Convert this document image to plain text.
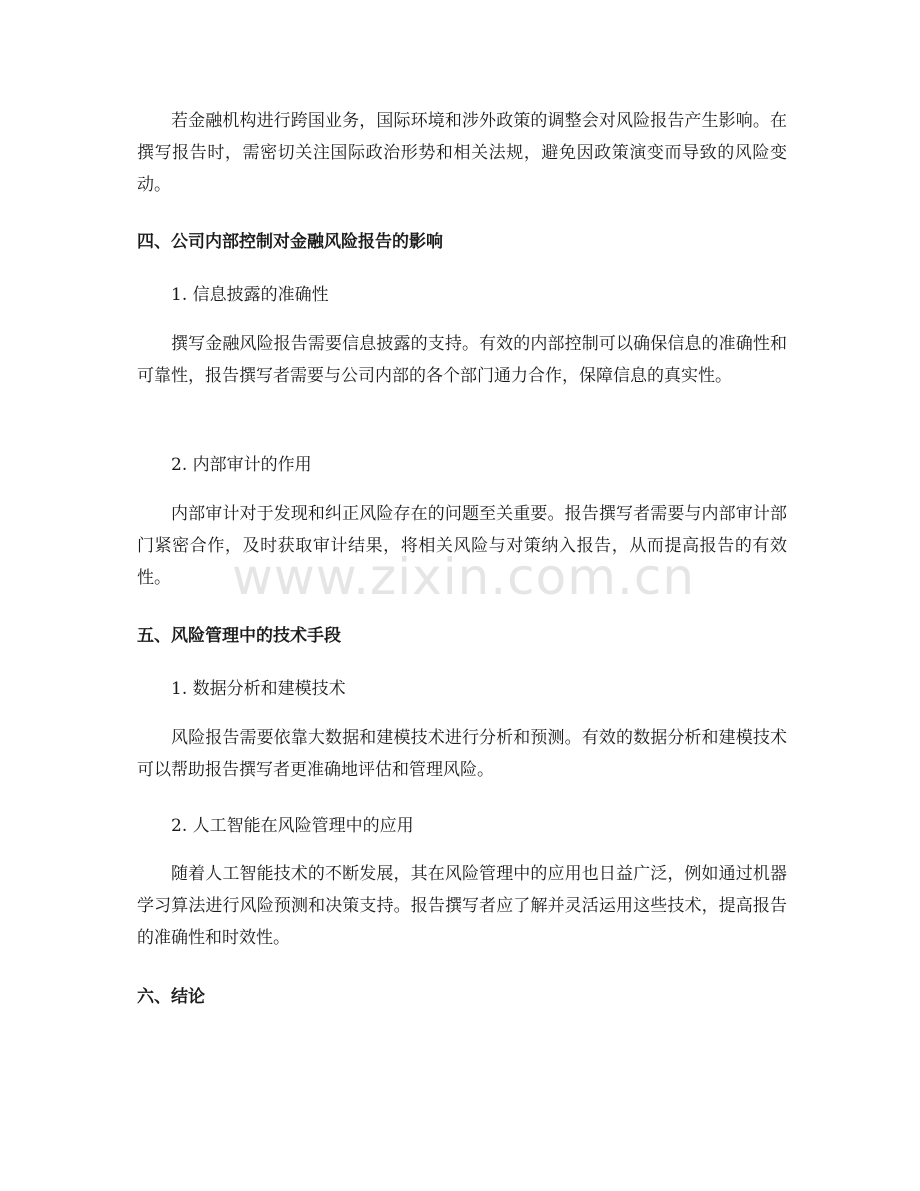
若金融机构进行跨国业务，国际环境和涉外政策的调整会对风险报告产生影响。在撰写报告时，需密切关注国际政治形势和相关法规，避免因政策演变而导致的风险变动。

四、公司内部控制对金融风险报告的影响

1. 信息披露的准确性

撰写金融风险报告需要信息披露的支持。有效的内部控制可以确保信息的准确性和可靠性，报告撰写者需要与公司内部的各个部门通力合作，保障信息的真实性。

2. 内部审计的作用

内部审计对于发现和纠正风险存在的问题至关重要。报告撰写者需要与内部审计部门紧密合作，及时获取审计结果，将相关风险与对策纳入报告，从而提高报告的有效性。

五、风险管理中的技术手段

1. 数据分析和建模技术

风险报告需要依靠大数据和建模技术进行分析和预测。有效的数据分析和建模技术可以帮助报告撰写者更准确地评估和管理风险。

2. 人工智能在风险管理中的应用

随着人工智能技术的不断发展，其在风险管理中的应用也日益广泛，例如通过机器学习算法进行风险预测和决策支持。报告撰写者应了解并灵活运用这些技术，提高报告的准确性和时效性。

六、结论
www.zixin.com.cn
